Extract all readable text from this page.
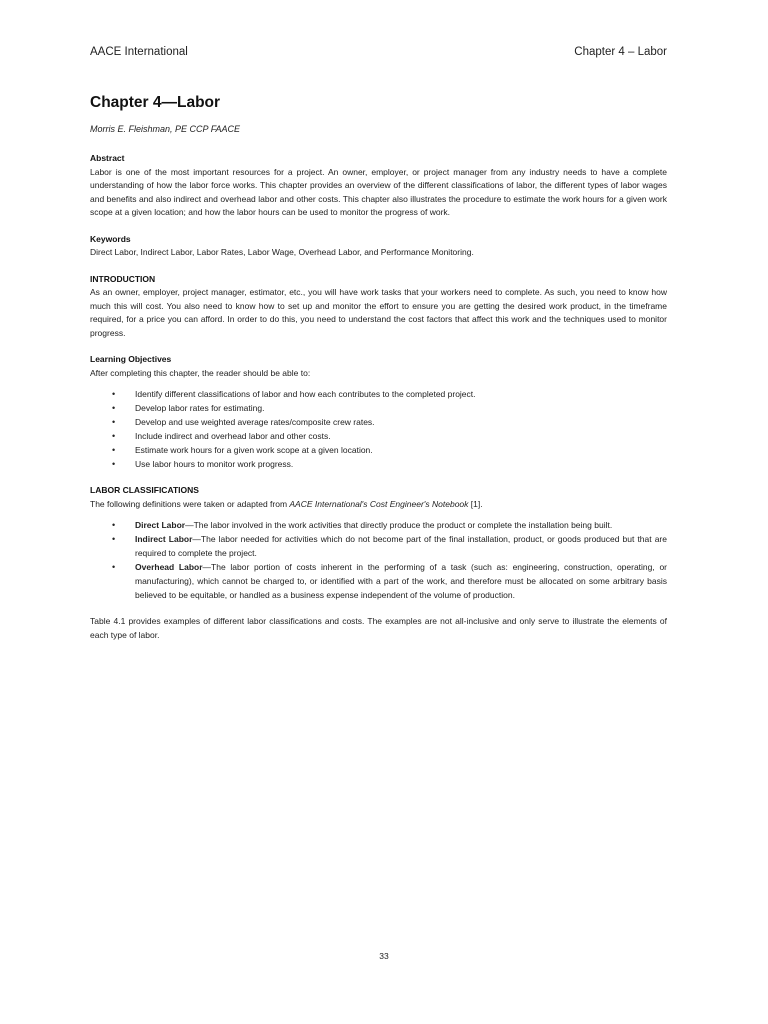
AACE International	Chapter 4 – Labor
Chapter 4—Labor
Morris E. Fleishman, PE CCP FAACE
Abstract

Labor is one of the most important resources for a project. An owner, employer, or project manager from any industry needs to have a complete understanding of how the labor force works. This chapter provides an overview of the different classifications of labor, the different types of labor wages and benefits and also indirect and overhead labor and other costs. This chapter also illustrates the procedure to estimate the work hours for a given work scope at a given location; and how the labor hours can be used to monitor the progress of work.

Keywords

Direct Labor, Indirect Labor, Labor Rates, Labor Wage, Overhead Labor, and Performance Monitoring.

INTRODUCTION

As an owner, employer, project manager, estimator, etc., you will have work tasks that your workers need to complete. As such, you need to know how much this will cost. You also need to know how to set up and monitor the effort to ensure you are getting the desired work product, in the timeframe required, for a price you can afford. In order to do this, you need to understand the cost factors that affect this work and the techniques used to monitor progress.

Learning Objectives

After completing this chapter, the reader should be able to:

• Identify different classifications of labor and how each contributes to the completed project.
• Develop labor rates for estimating.
• Develop and use weighted average rates/composite crew rates.
• Include indirect and overhead labor and other costs.
• Estimate work hours for a given work scope at a given location.
• Use labor hours to monitor work progress.
LABOR CLASSIFICATIONS

The following definitions were taken or adapted from AACE International's Cost Engineer's Notebook [1].

• Direct Labor—The labor involved in the work activities that directly produce the product or complete the installation being built.
• Indirect Labor—The labor needed for activities which do not become part of the final installation, product, or goods produced but that are required to complete the project.
• Overhead Labor—The labor portion of costs inherent in the performing of a task (such as: engineering, construction, operating, or manufacturing), which cannot be charged to, or identified with a part of the work, and therefore must be allocated on some arbitrary basis believed to be equitable, or handled as a business expense independent of the volume of production.

Table 4.1 provides examples of different labor classifications and costs. The examples are not all-inclusive and only serve to illustrate the elements of each type of labor.

33
